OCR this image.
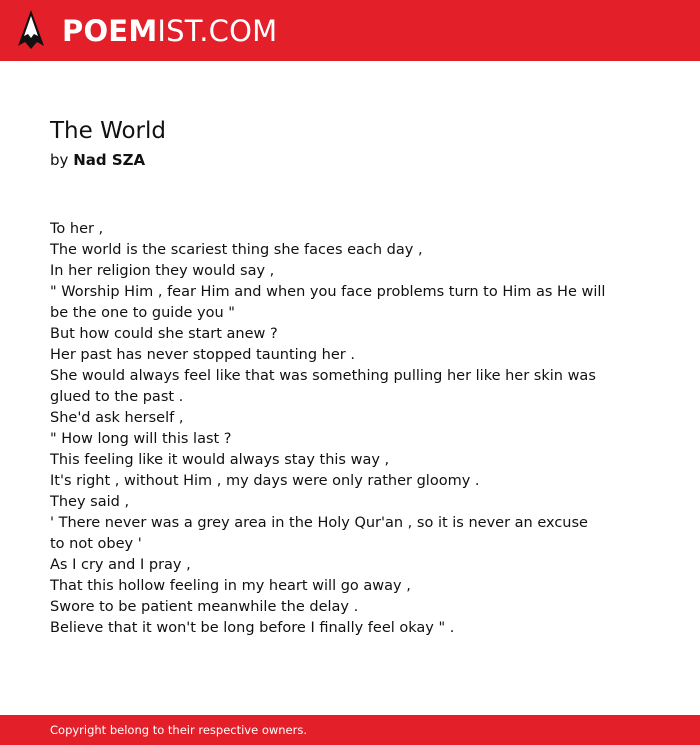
POEMIST.COM
The World
by Nad SZA
To her ,
The world is the scariest thing she faces each day ,
In her religion they would say ,
" Worship Him , fear Him and when you face problems turn to Him as He will
be the one to guide you "
But how could she start anew ?
Her past has never stopped taunting her .
She would always feel like that was something pulling her like her skin was
glued to the past .
She'd ask herself ,
" How long will this last ?
This feeling like it would always stay this way ,
It's right , without Him , my days were only rather gloomy .
They said ,
' There never was a grey area in the Holy Qur'an , so it is never an excuse
to not obey '
As I cry and I pray ,
That this hollow feeling in my heart will go away ,
Swore to be patient meanwhile the delay .
Believe that it won't be long before I finally feel okay " .
Copyright belong to their respective owners.
